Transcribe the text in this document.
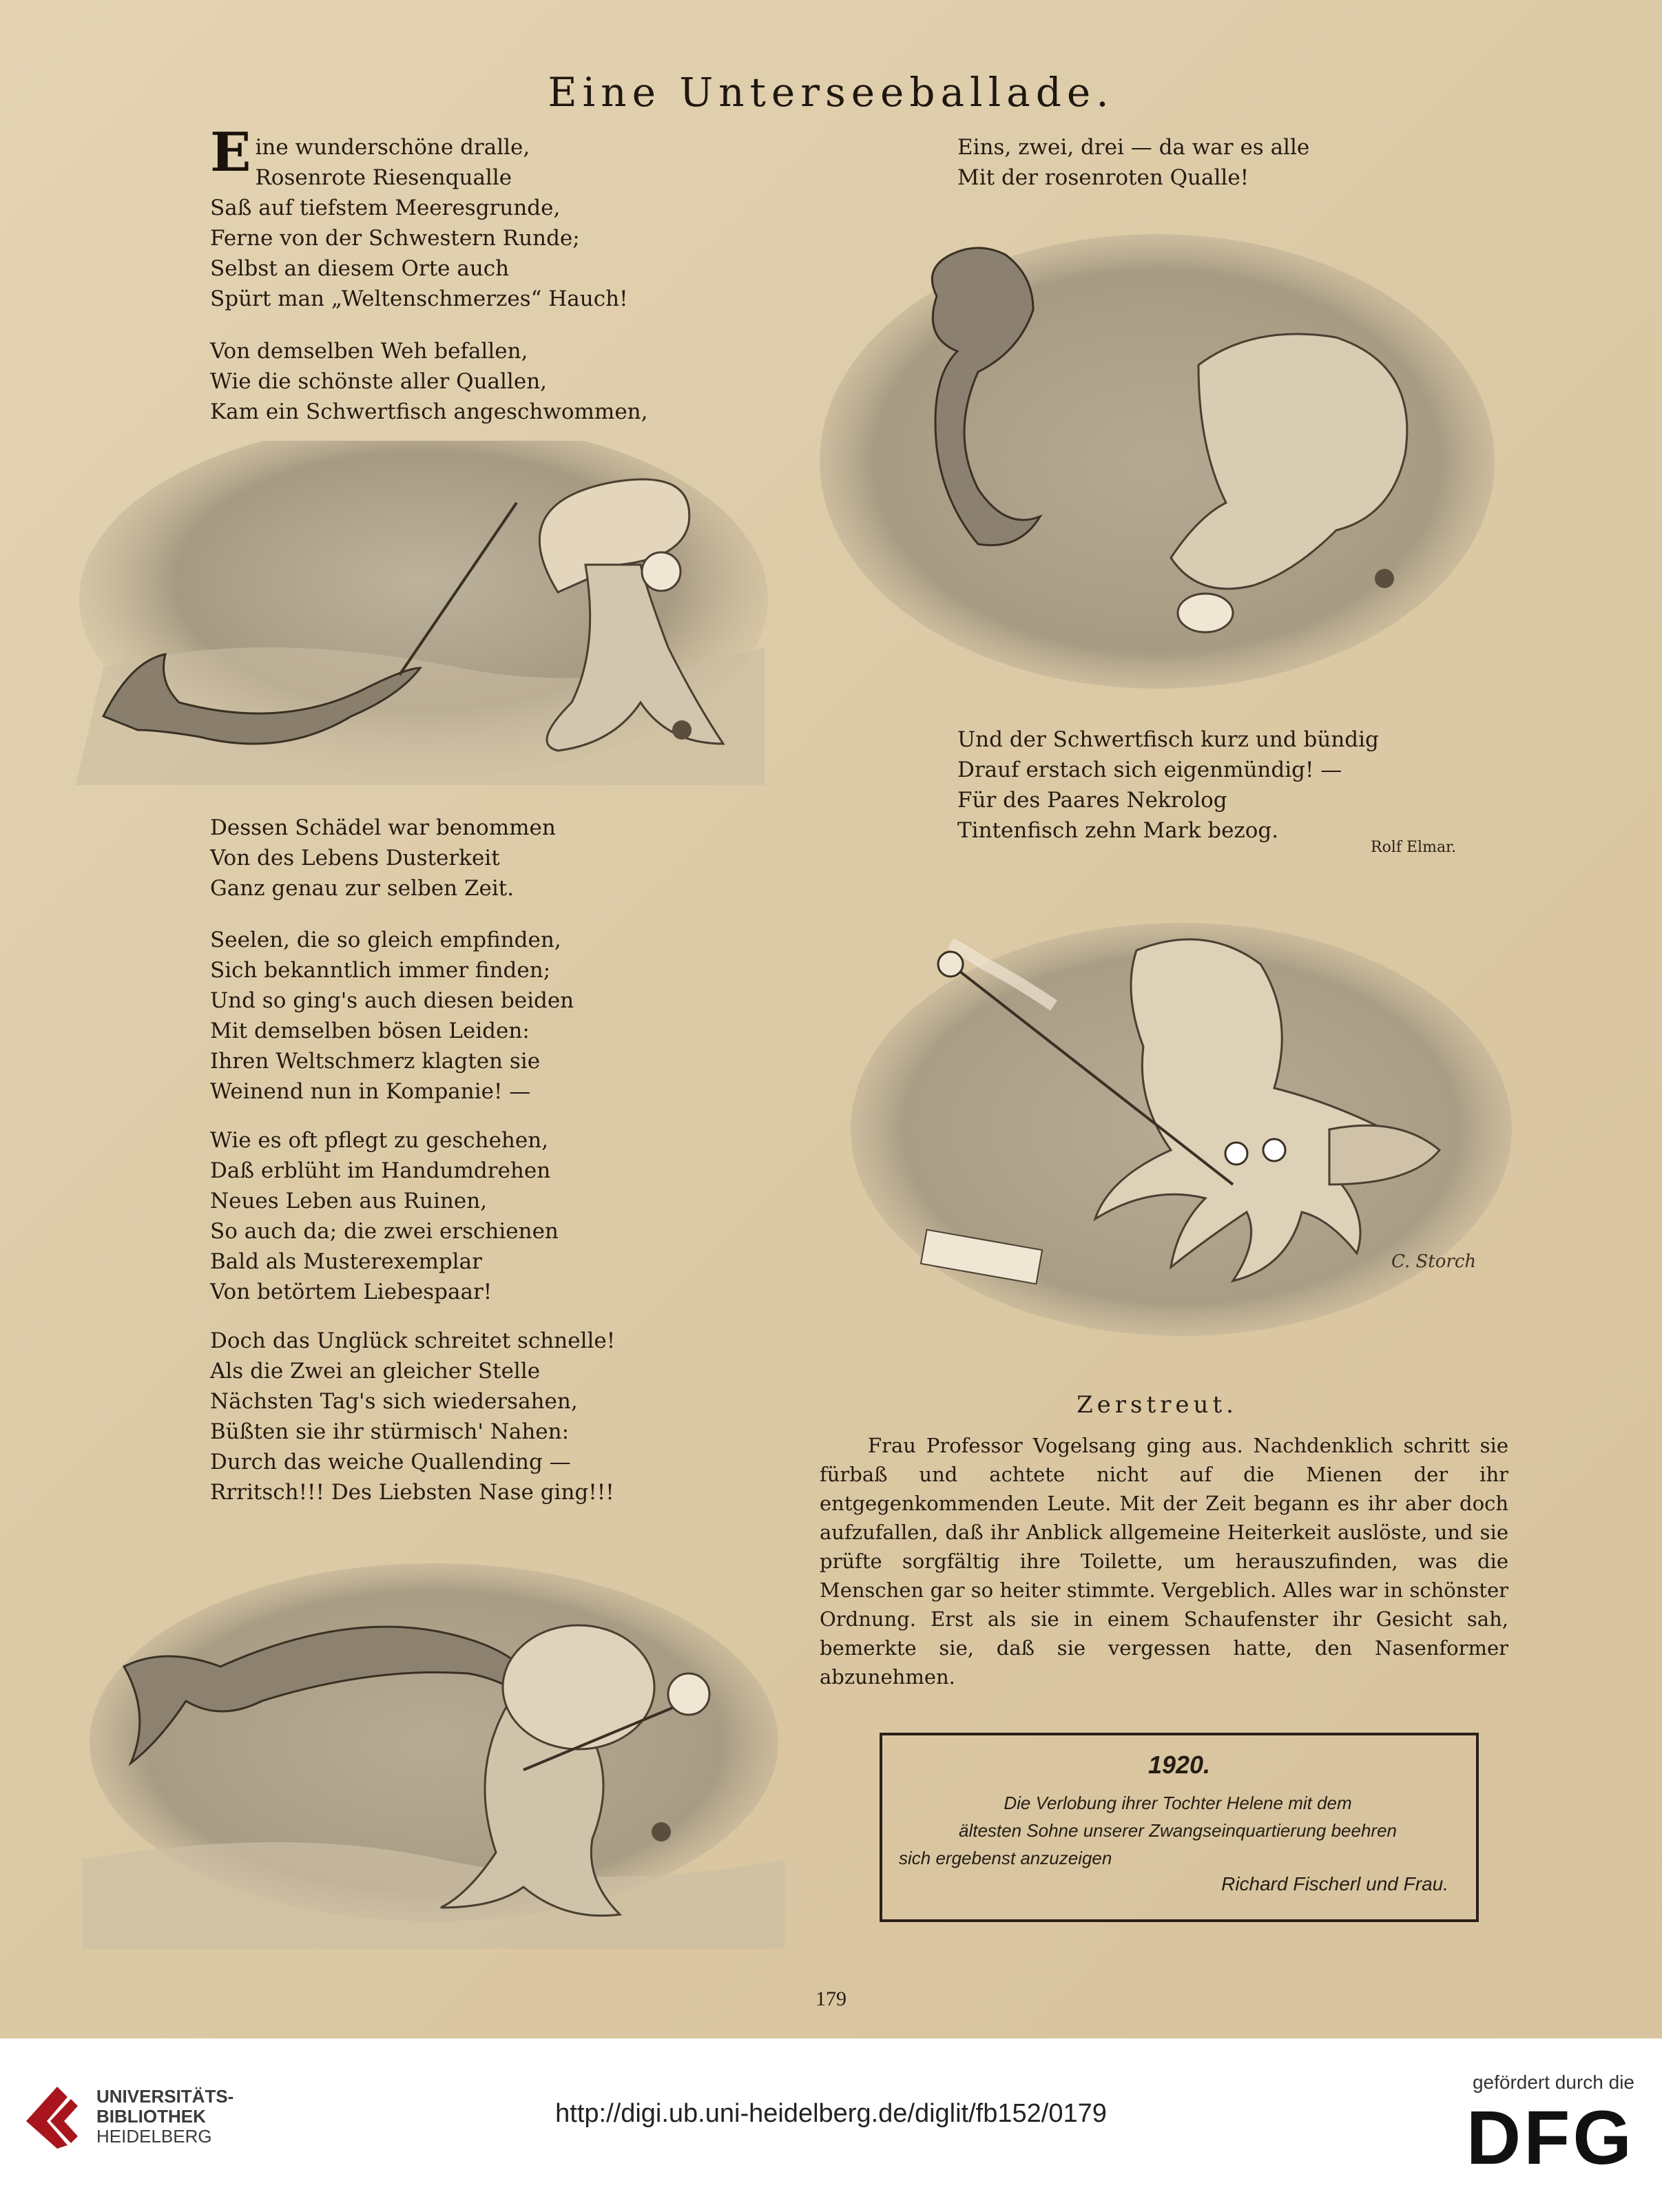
Eine Unterseeballade.
E ine wunderschöne dralle,
Rosenrote Riesenqualle
Saß auf tiefstem Meeresgrunde,
Ferne von der Schwestern Runde;
Selbst an diesem Orte auch
Spürt man „Weltenschmerzes“ Hauch!
Von demselben Weh befallen,
Wie die schönste aller Quallen,
Kam ein Schwertfisch angeschwommen,
Dessen Schädel war benommen
Von des Lebens Dusterkeit
Ganz genau zur selben Zeit.
Seelen, die so gleich empfinden,
Sich bekanntlich immer finden;
Und so ging's auch diesen beiden
Mit demselben bösen Leiden:
Ihren Weltschmerz klagten sie
Weinend nun in Kompanie! —
Wie es oft pflegt zu geschehen,
Daß erblüht im Handumdrehen
Neues Leben aus Ruinen,
So auch da; die zwei erschienen
Bald als Musterexemplar
Von betörtem Liebespaar!
Doch das Unglück schreitet schnelle!
Als die Zwei an gleicher Stelle
Nächsten Tag's sich wiedersahen,
Büßten sie ihr stürmisch' Nahen:
Durch das weiche Quallending —
Rrritsch!!! Des Liebsten Nase ging!!!
Eins, zwei, drei — da war es alle
Mit der rosenroten Qualle!
Und der Schwertfisch kurz und bündig
Drauf erstach sich eigenmündig! —
Für des Paares Nekrolog
Tintenfisch zehn Mark bezog.
Rolf Elmar.
C. Storch
Zerstreut.
Frau Professor Vogelsang ging aus. Nachdenklich schritt sie fürbaß und achtete nicht auf die Mienen der ihr entgegenkommenden Leute. Mit der Zeit begann es ihr aber doch aufzufallen, daß ihr Anblick allgemeine Heiterkeit auslöste, und sie prüfte sorgfältig ihre Toilette, um herauszufinden, was die Menschen gar so heiter stimmte. Vergeblich. Alles war in schönster Ordnung. Erst als sie in einem Schaufenster ihr Gesicht sah, bemerkte sie, daß sie vergessen hatte, den Nasenformer abzunehmen.
1920.
Die Verlobung ihrer Tochter Helene mit dem
ältesten Sohne unserer Zwangseinquartierung beehren
sich ergebenst anzuzeigen
Richard Fischerl und Frau.
179
UNIVERSITÄTS-
BIBLIOTHEK
HEIDELBERG
http://digi.ub.uni-heidelberg.de/diglit/fb152/0179
gefördert durch die
DFG
